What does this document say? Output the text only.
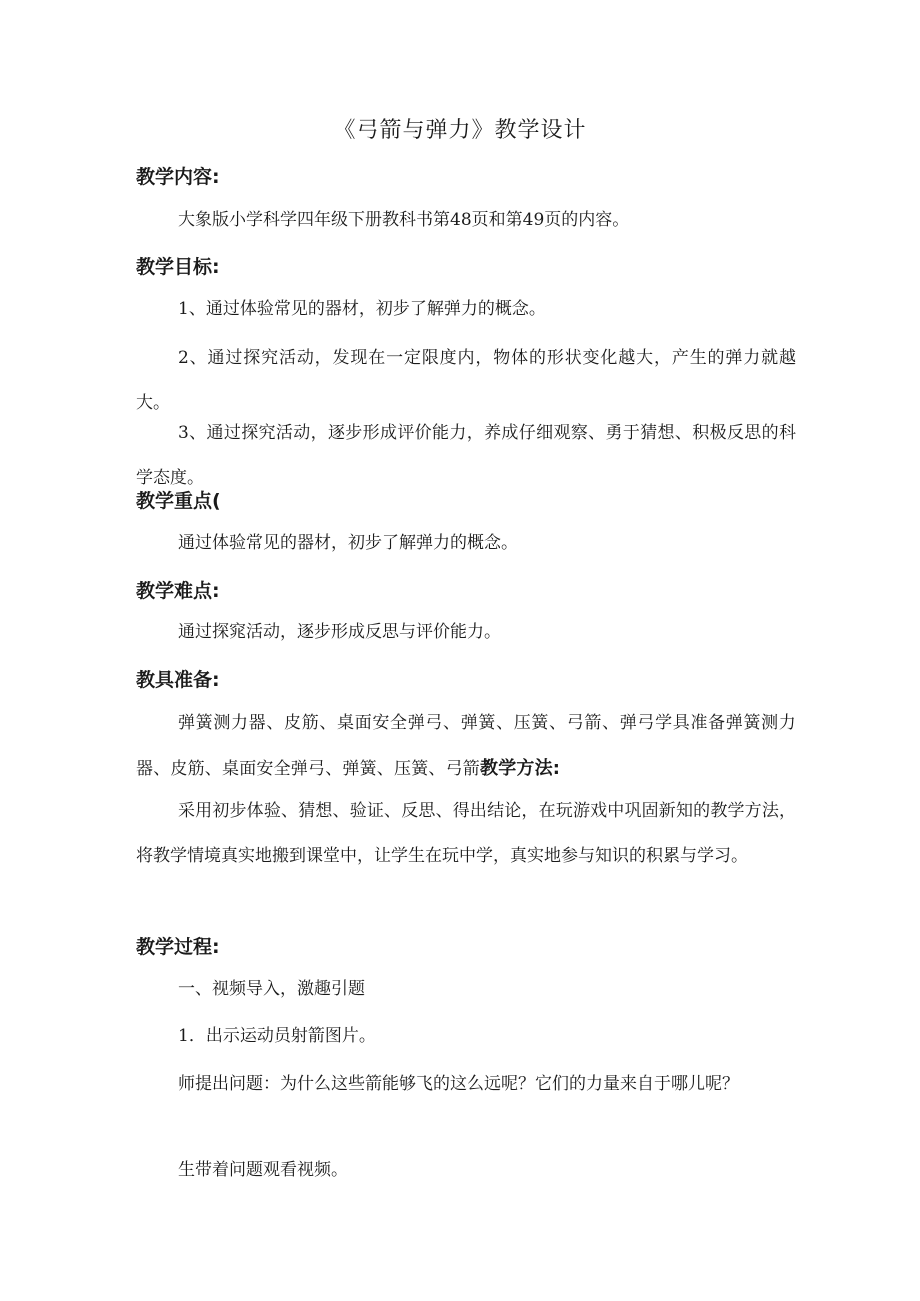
《弓箭与弹力》教学设计
教学内容:
大象版小学科学四年级下册教科书第48页和第49页的内容。
教学目标:
1、通过体验常见的器材，初步了解弹力的概念。
2、通过探究活动，发现在一定限度内，物体的形状变化越大，产生的弹力就越大。
3、通过探究活动，逐步形成评价能力，养成仔细观察、勇于猜想、积极反思的科学态度。
教学重点(
通过体验常见的器材，初步了解弹力的概念。
教学难点:
通过探窕活动，逐步形成反思与评价能力。
教具准备:
弹簧测力器、皮筋、桌面安全弹弓、弹簧、压簧、弓箭、弹弓学具准备弹簧测力器、皮筋、桌面安全弹弓、弹簧、压簧、弓箭教学方法:
采用初步体验、猜想、验证、反思、得出结论，在玩游戏中巩固新知的教学方法，将教学情境真实地搬到课堂中，让学生在玩中学，真实地参与知识的积累与学习。
教学过程:
一、视频导入，激趣引题
1．出示运动员射箭图片。
师提出问题：为什么这些箭能够飞的这么远呢？它们的力量来自于哪儿呢？
生带着问题观看视频。
